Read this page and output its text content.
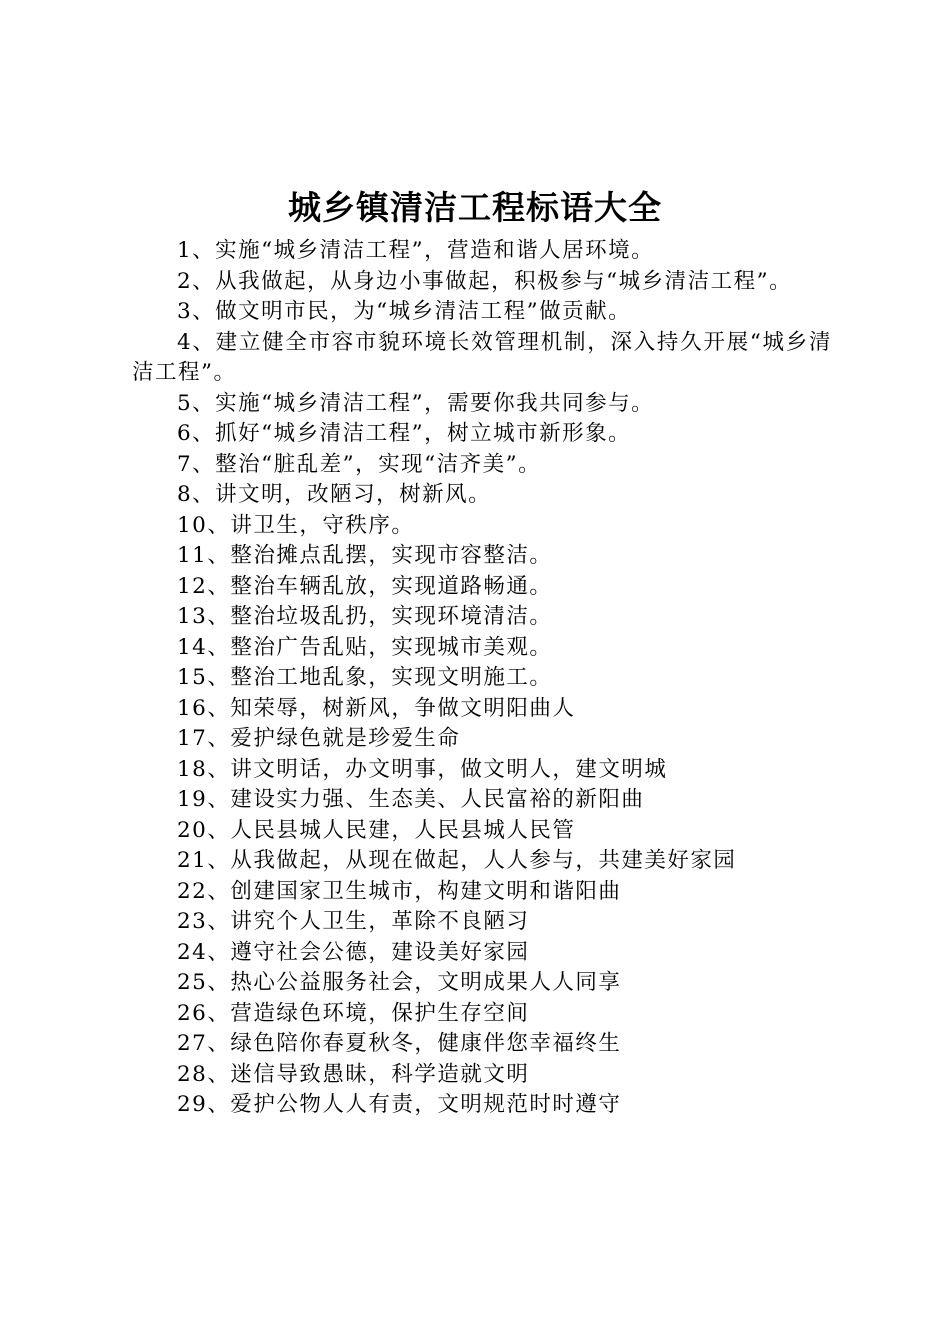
城乡镇清洁工程标语大全

1、实施“城乡清洁工程”，营造和谐人居环境。

2、从我做起，从身边小事做起，积极参与“城乡清洁工程”。

3、做文明市民，为“城乡清洁工程”做贡献。

4、建立健全市容市貌环境长效管理机制，深入持久开展“城乡清洁工程”。

5、实施“城乡清洁工程”，需要你我共同参与。

6、抓好“城乡清洁工程”，树立城市新形象。

7、整治“脏乱差”，实现“洁齐美”。

8、讲文明，改陋习，树新风。

10、讲卫生，守秩序。

11、整治摊点乱摆，实现市容整洁。

12、整治车辆乱放，实现道路畅通。

13、整治垃圾乱扔，实现环境清洁。

14、整治广告乱贴，实现城市美观。

15、整治工地乱象，实现文明施工。

16、知荣辱，树新风，争做文明阳曲人

17、爱护绿色就是珍爱生命

18、讲文明话，办文明事，做文明人，建文明城

19、建设实力强、生态美、人民富裕的新阳曲

20、人民县城人民建，人民县城人民管

21、从我做起，从现在做起，人人参与，共建美好家园

22、创建国家卫生城市，构建文明和谐阳曲

23、讲究个人卫生，革除不良陋习

24、遵守社会公德，建设美好家园

25、热心公益服务社会，文明成果人人同享

26、营造绿色环境，保护生存空间

27、绿色陪你春夏秋冬，健康伴您幸福终生

28、迷信导致愚昧，科学造就文明

29、爱护公物人人有责，文明规范时时遵守
